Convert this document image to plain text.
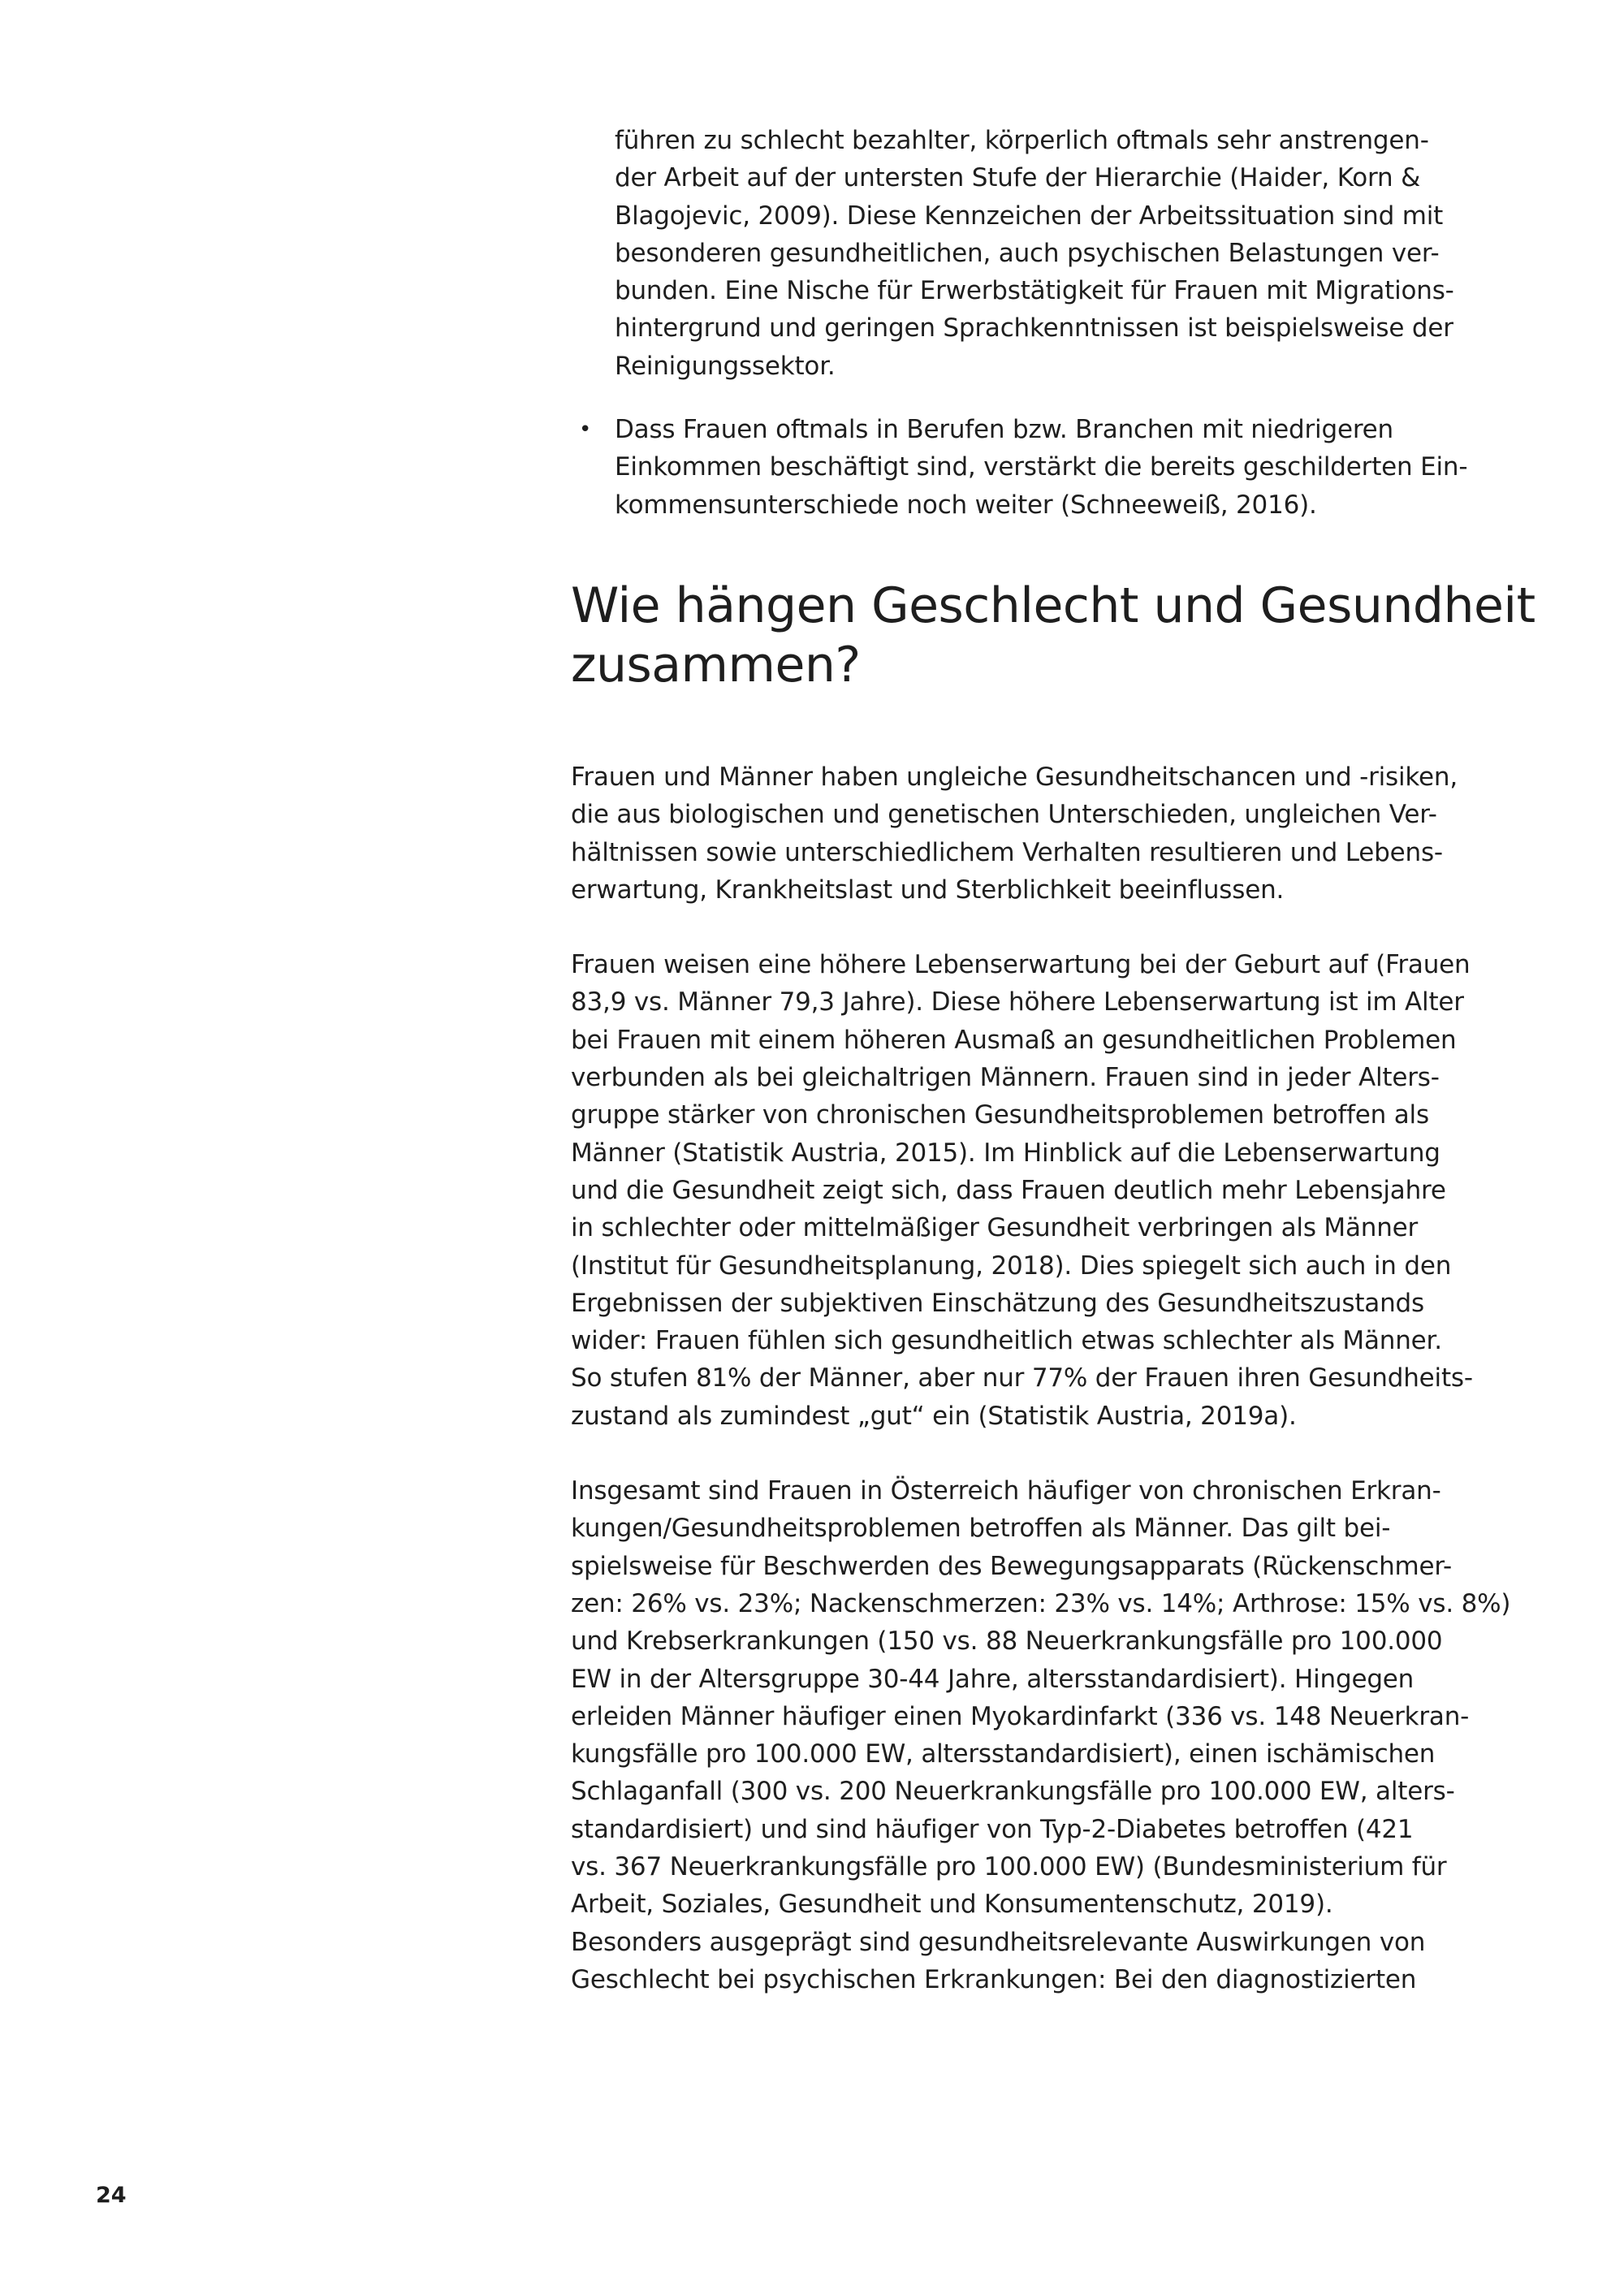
führen zu schlecht bezahlter, körperlich oftmals sehr anstrengen-
der Arbeit auf der untersten Stufe der Hierarchie (Haider, Korn &
Blagojevic, 2009). Diese Kennzeichen der Arbeitssituation sind mit
besonderen gesundheitlichen, auch psychischen Belastungen ver-
bunden. Eine Nische für Erwerbstätigkeit für Frauen mit Migrations-
hintergrund und geringen Sprachkenntnissen ist beispielsweise der
Reinigungssektor.
• Dass Frauen oftmals in Berufen bzw. Branchen mit niedrigeren
Einkommen beschäftigt sind, verstärkt die bereits geschilderten Ein-
kommensunterschiede noch weiter (Schneeweiß, 2016).
Wie hängen Geschlecht und Gesundheit
zusammen?
Frauen und Männer haben ungleiche Gesundheitschancen und -risiken,
die aus biologischen und genetischen Unterschieden, ungleichen Ver-
hältnissen sowie unterschiedlichem Verhalten resultieren und Lebens-
erwartung, Krankheitslast und Sterblichkeit beeinflussen.
Frauen weisen eine höhere Lebenserwartung bei der Geburt auf (Frauen
83,9 vs. Männer 79,3 Jahre). Diese höhere Lebenserwartung ist im Alter
bei Frauen mit einem höheren Ausmaß an gesundheitlichen Problemen
verbunden als bei gleichaltrigen Männern. Frauen sind in jeder Alters-
gruppe stärker von chronischen Gesundheitsproblemen betroffen als
Männer (Statistik Austria, 2015). Im Hinblick auf die Lebenserwartung
und die Gesundheit zeigt sich, dass Frauen deutlich mehr Lebensjahre
in schlechter oder mittelmäßiger Gesundheit verbringen als Männer
(Institut für Gesundheitsplanung, 2018). Dies spiegelt sich auch in den
Ergebnissen der subjektiven Einschätzung des Gesundheitszustands
wider: Frauen fühlen sich gesundheitlich etwas schlechter als Männer.
So stufen 81% der Männer, aber nur 77% der Frauen ihren Gesundheits-
zustand als zumindest „gut“ ein (Statistik Austria, 2019a).
Insgesamt sind Frauen in Österreich häufiger von chronischen Erkran-
kungen/Gesundheitsproblemen betroffen als Männer. Das gilt bei-
spielsweise für Beschwerden des Bewegungsapparats (Rückenschmer-
zen: 26% vs. 23%; Nackenschmerzen: 23% vs. 14%; Arthrose: 15% vs. 8%)
und Krebserkrankungen (150 vs. 88 Neuerkrankungsfälle pro 100.000
EW in der Altersgruppe 30-44 Jahre, altersstandardisiert). Hingegen
erleiden Männer häufiger einen Myokardinfarkt (336 vs. 148 Neuerkran-
kungsfälle pro 100.000 EW, altersstandardisiert), einen ischämischen
Schlaganfall (300 vs. 200 Neuerkrankungsfälle pro 100.000 EW, alters-
standardisiert) und sind häufiger von Typ-2-Diabetes betroffen (421
vs. 367 Neuerkrankungsfälle pro 100.000 EW) (Bundesministerium für
Arbeit, Soziales, Gesundheit und Konsumentenschutz, 2019).
Besonders ausgeprägt sind gesundheitsrelevante Auswirkungen von
Geschlecht bei psychischen Erkrankungen: Bei den diagnostizierten
24
